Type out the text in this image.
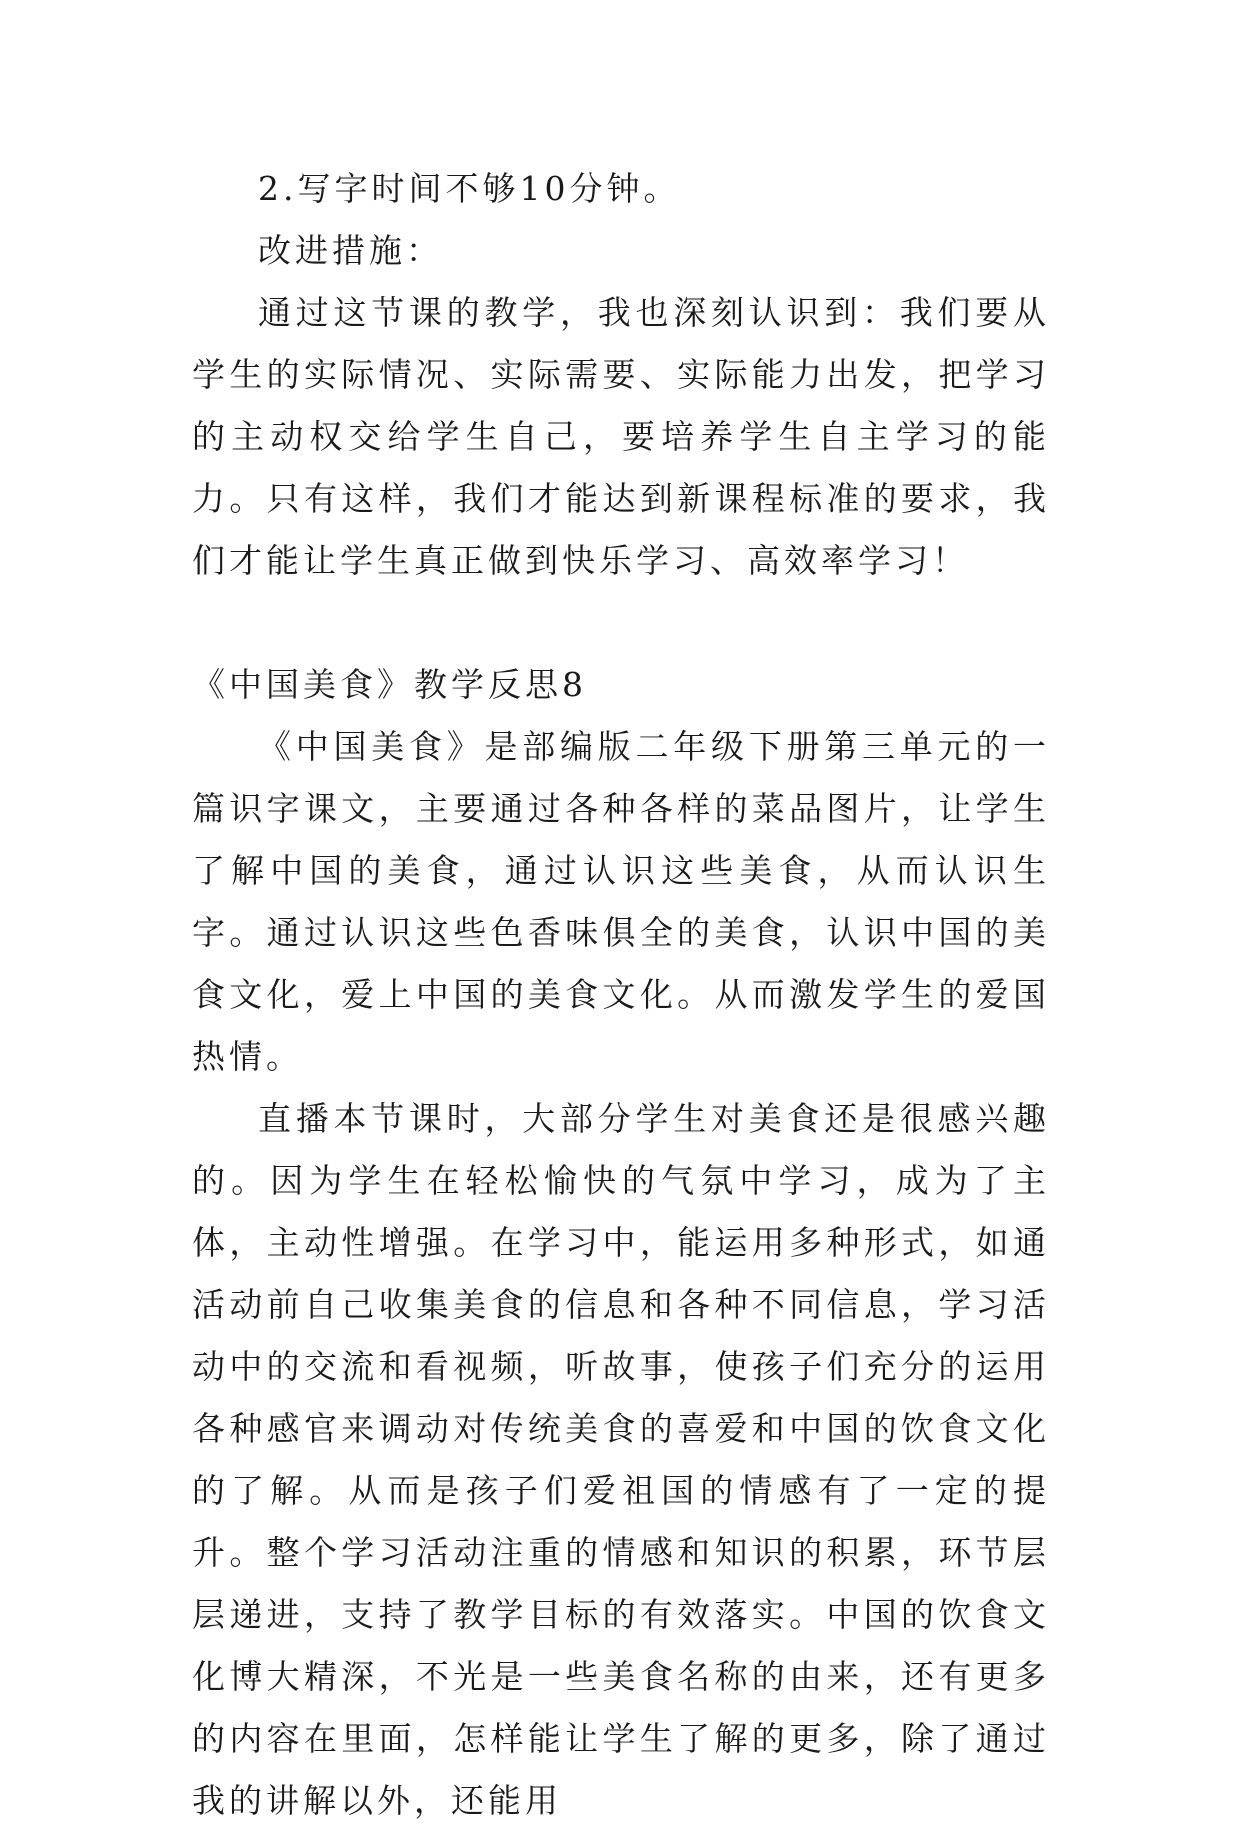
2.写字时间不够10分钟。

改进措施：

通过这节课的教学，我也深刻认识到：我们要从学生的实际情况、实际需要、实际能力出发，把学习的主动权交给学生自己，要培养学生自主学习的能力。只有这样，我们才能达到新课程标准的要求，我们才能让学生真正做到快乐学习、高效率学习！

《中国美食》教学反思8

《中国美食》是部编版二年级下册第三单元的一篇识字课文，主要通过各种各样的菜品图片，让学生了解中国的美食，通过认识这些美食，从而认识生字。通过认识这些色香味俱全的美食，认识中国的美食文化，爱上中国的美食文化。从而激发学生的爱国热情。

直播本节课时，大部分学生对美食还是很感兴趣的。因为学生在轻松愉快的气氛中学习，成为了主体，主动性增强。在学习中，能运用多种形式，如通活动前自己收集美食的信息和各种不同信息，学习活动中的交流和看视频，听故事，使孩子们充分的运用各种感官来调动对传统美食的喜爱和中国的饮食文化的了解。从而是孩子们爱祖国的情感有了一定的提升。整个学习活动注重的情感和知识的积累，环节层层递进，支持了教学目标的有效落实。中国的饮食文化博大精深，不光是一些美食名称的由来，还有更多的内容在里面，怎样能让学生了解的更多，除了通过我的讲解以外，还能用
